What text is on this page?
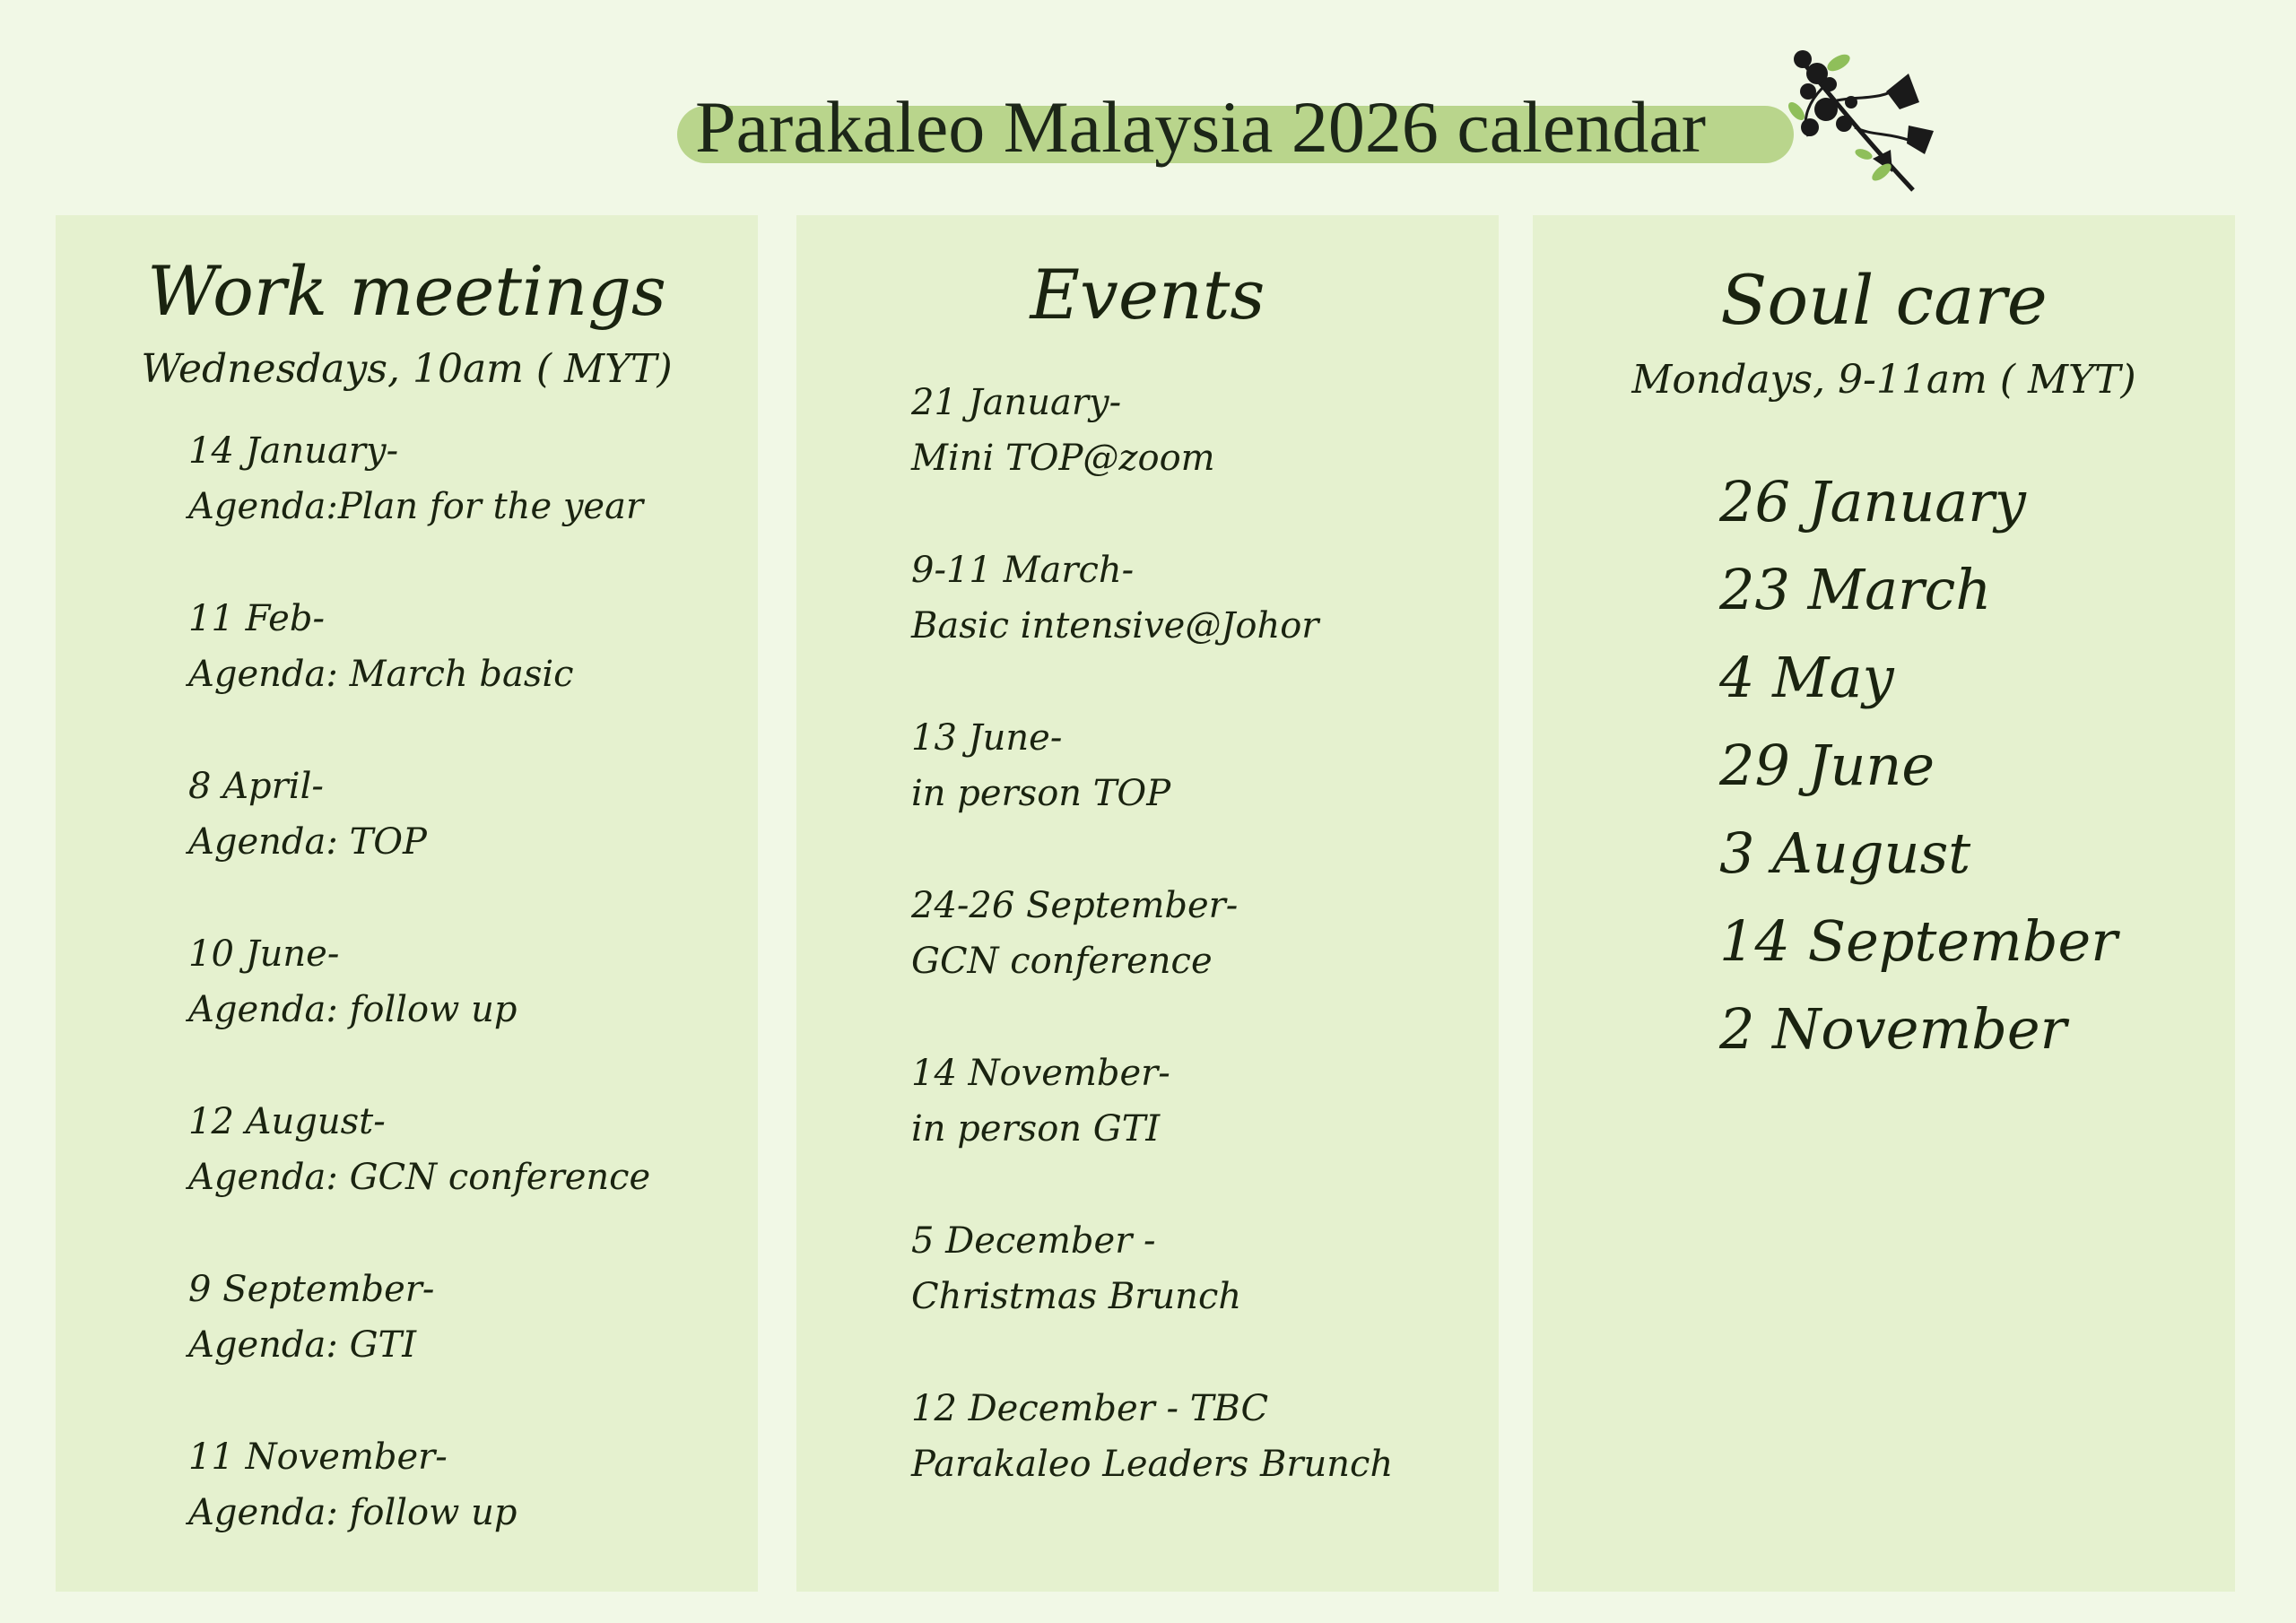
Parakaleo Malaysia 2026 calendar
Work meetings
Wednesdays, 10am ( MYT)
14 January-
Agenda:Plan for the year
11 Feb-
Agenda: March basic
8 April-
Agenda: TOP
10 June-
Agenda: follow up
12 August-
Agenda: GCN conference
9 September-
Agenda: GTI
11 November-
Agenda: follow up
Events
21 January-
Mini TOP@zoom
9-11 March-
Basic intensive@Johor
13 June-
in person TOP
24-26 September-
GCN conference
14 November-
in person GTI
5 December -
Christmas Brunch
12 December - TBC
Parakaleo Leaders Brunch
Soul care
Mondays, 9-11am ( MYT)
26 January
23 March
4 May
29 June
3 August
14 September
2 November
